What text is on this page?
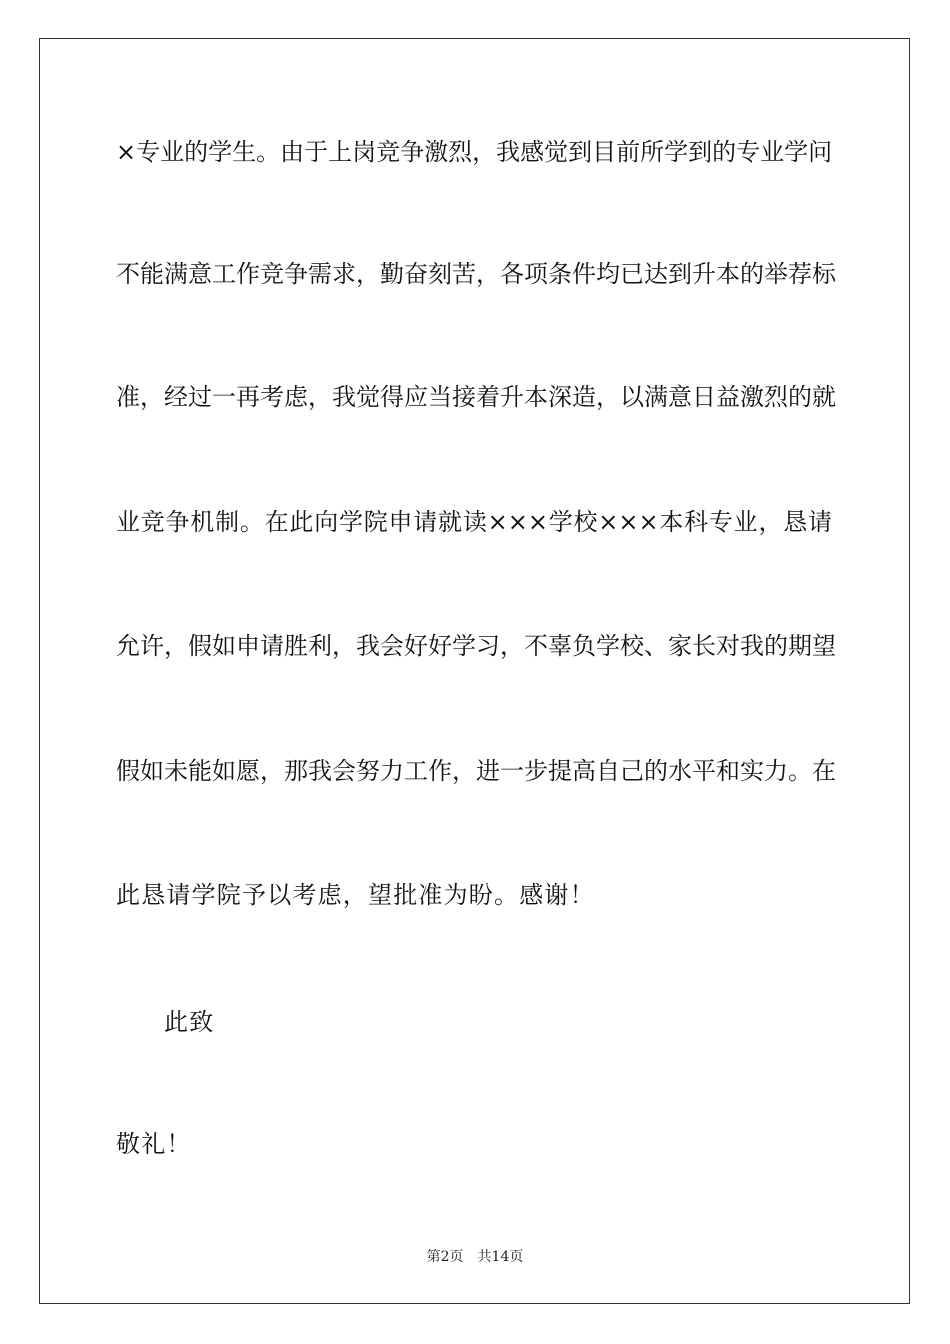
×专业的学生。由于上岗竞争激烈，我感觉到目前所学到的专业学问
不能满意工作竞争需求，勤奋刻苦，各项条件均已达到升本的举荐标
准，经过一再考虑，我觉得应当接着升本深造，以满意日益激烈的就
业竞争机制。在此向学院申请就读×××学校×××本科专业，恳请
允许，假如申请胜利，我会好好学习，不辜负学校、家长对我的期望
假如未能如愿，那我会努力工作，进一步提高自己的水平和实力。在
此恳请学院予以考虑，望批准为盼。感谢！
此致
敬礼！
第2页 共14页
